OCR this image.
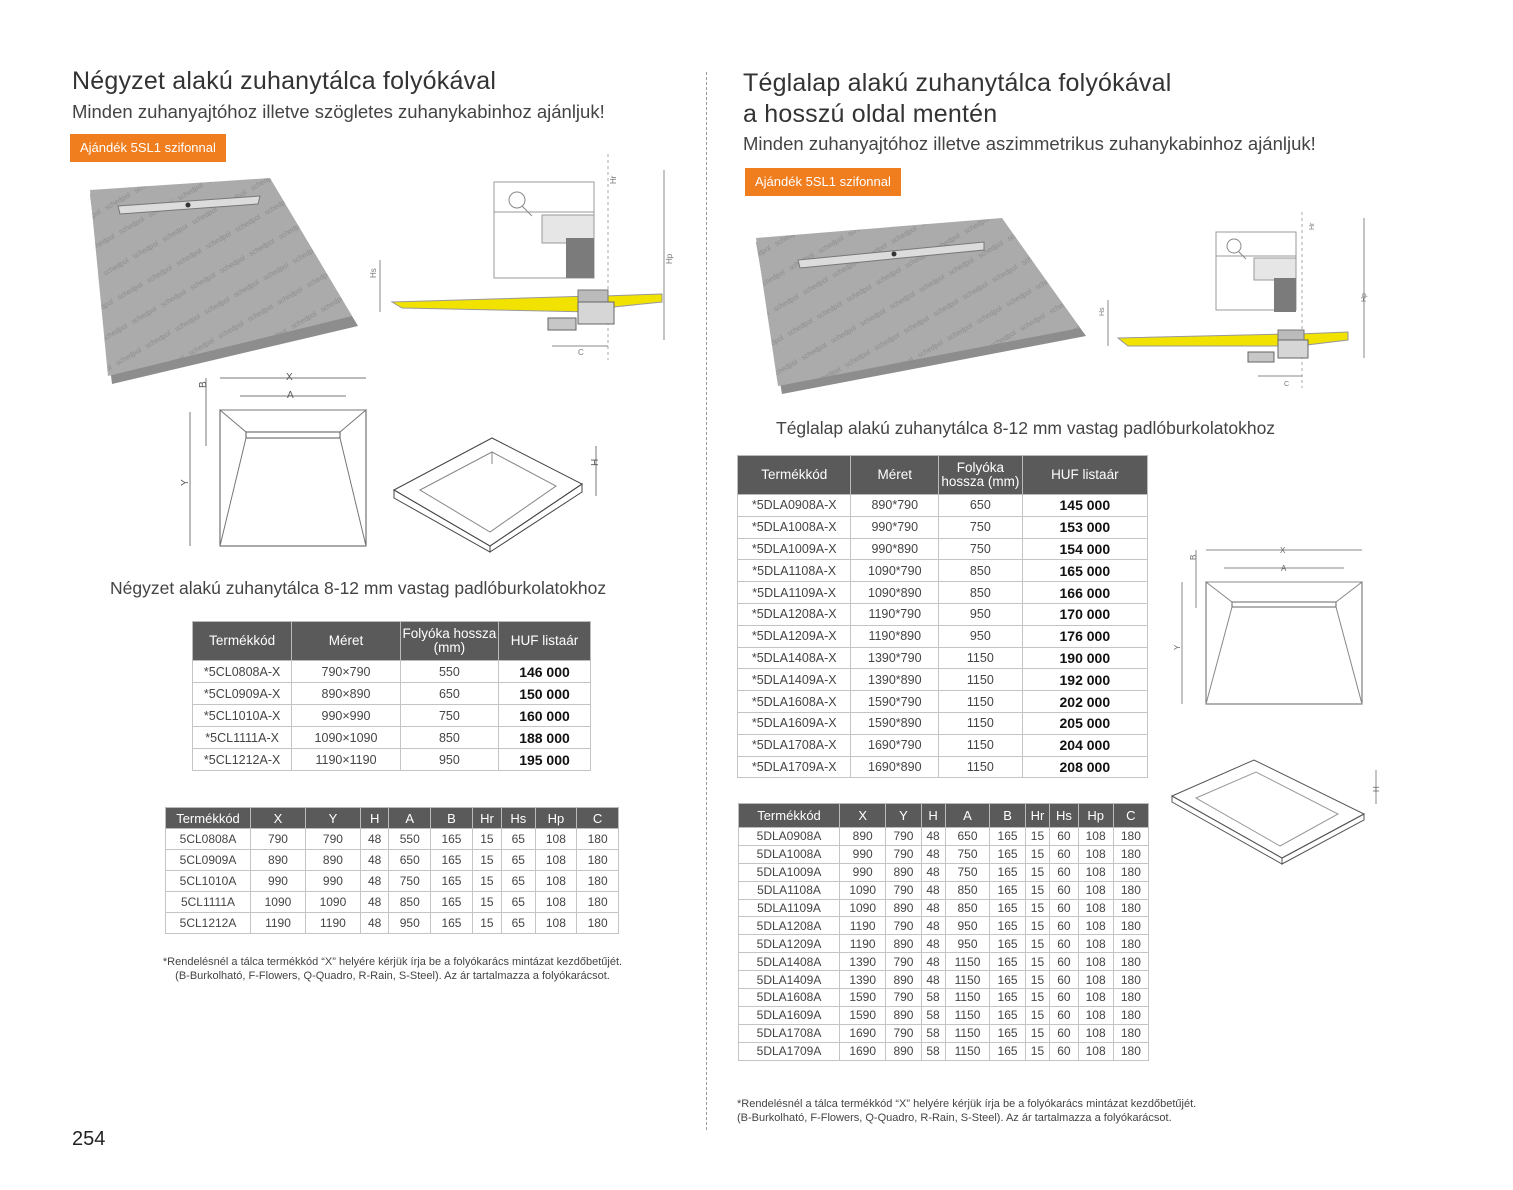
Négyzet alakú zuhanytálca folyókával
Minden zuhanyajtóhoz illetve szögletes zuhanykabinhoz ajánljuk!
Ajándék 5SL1 szifonnal
Hs
Hr
Hp
C
X
A
B
Y
H
Négyzet alakú zuhanytálca 8-12 mm vastag padlóburkolatokhoz
Termékkód	Méret	Folyóka hossza (mm)	HUF listaár
*5CL0808A-X	790×790	550	146 000
*5CL0909A-X	890×890	650	150 000
*5CL1010A-X	990×990	750	160 000
*5CL1111A-X	1090×1090	850	188 000
*5CL1212A-X	1190×1190	950	195 000
Termékkód	X	Y	H	A	B	Hr	Hs	Hp	C
5CL0808A	790	790	48	550	165	15	65	108	180
5CL0909A	890	890	48	650	165	15	65	108	180
5CL1010A	990	990	48	750	165	15	65	108	180
5CL1111A	1090	1090	48	850	165	15	65	108	180
5CL1212A	1190	1190	48	950	165	15	65	108	180
*Rendelésnél a tálca termékkód “X” helyére kérjük írja be a folyókarács mintázat kezdőbetűjét.
(B-Burkolható, F-Flowers, Q-Quadro, R-Rain, S-Steel). Az ár tartalmazza a folyókarácsot.
254
Téglalap alakú zuhanytálca folyókával
a hosszú oldal mentén
Minden zuhanyajtóhoz illetve aszimmetrikus zuhanykabinhoz ajánljuk!
Ajándék 5SL1 szifonnal
Hs
Hr
Hp
C
Téglalap alakú zuhanytálca 8-12 mm vastag padlóburkolatokhoz
Termékkód	Méret	Folyóka hossza (mm)	HUF listaár
*5DLA0908A-X	890*790	650	145 000
*5DLA1008A-X	990*790	750	153 000
*5DLA1009A-X	990*890	750	154 000
*5DLA1108A-X	1090*790	850	165 000
*5DLA1109A-X	1090*890	850	166 000
*5DLA1208A-X	1190*790	950	170 000
*5DLA1209A-X	1190*890	950	176 000
*5DLA1408A-X	1390*790	1150	190 000
*5DLA1409A-X	1390*890	1150	192 000
*5DLA1608A-X	1590*790	1150	202 000
*5DLA1609A-X	1590*890	1150	205 000
*5DLA1708A-X	1690*790	1150	204 000
*5DLA1709A-X	1690*890	1150	208 000
X
A
B
Y
H
Termékkód	X	Y	H	A	B	Hr	Hs	Hp	C
5DLA0908A	890	790	48	650	165	15	60	108	180
5DLA1008A	990	790	48	750	165	15	60	108	180
5DLA1009A	990	890	48	750	165	15	60	108	180
5DLA1108A	1090	790	48	850	165	15	60	108	180
5DLA1109A	1090	890	48	850	165	15	60	108	180
5DLA1208A	1190	790	48	950	165	15	60	108	180
5DLA1209A	1190	890	48	950	165	15	60	108	180
5DLA1408A	1390	790	48	1150	165	15	60	108	180
5DLA1409A	1390	890	48	1150	165	15	60	108	180
5DLA1608A	1590	790	58	1150	165	15	60	108	180
5DLA1609A	1590	890	58	1150	165	15	60	108	180
5DLA1708A	1690	790	58	1150	165	15	60	108	180
5DLA1709A	1690	890	58	1150	165	15	60	108	180
*Rendelésnél a tálca termékkód “X” helyére kérjük írja be a folyókarács mintázat kezdőbetűjét.
(B-Burkolható, F-Flowers, Q-Quadro, R-Rain, S-Steel). Az ár tartalmazza a folyókarácsot.
